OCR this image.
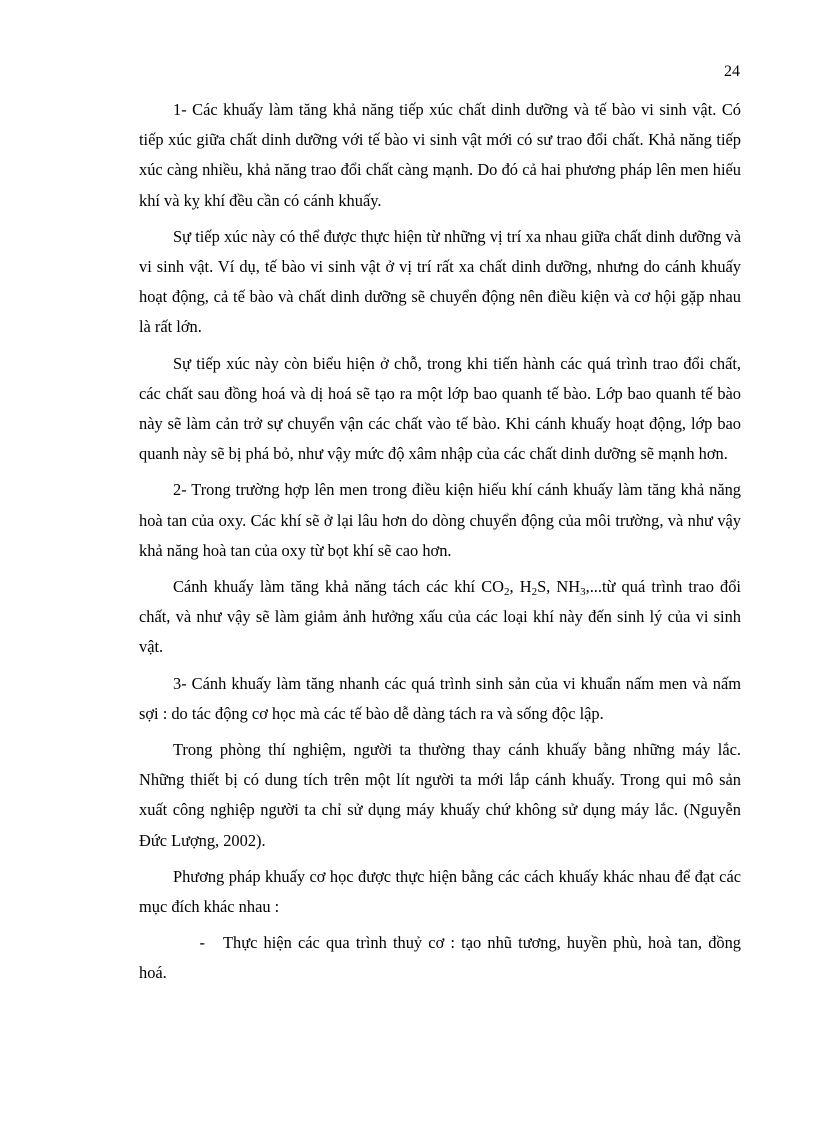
24

1- Các khuấy làm tăng khả năng tiếp xúc chất dinh dưỡng và tế bào vi sinh vật. Có tiếp xúc giữa chất dinh dưỡng với tế bào vi sinh vật mới có sư trao đổi chất. Khả năng tiếp xúc càng nhiều, khả năng trao đổi chất càng mạnh. Do đó cả hai phương pháp lên men hiếu khí và kỵ khí đều cần có cánh khuấy.

Sự tiếp xúc này có thể được thực hiện từ những vị trí xa nhau giữa chất dinh dưỡng và vi sinh vật. Ví dụ, tế bào vi sinh vật ở vị trí rất xa chất dinh dưỡng, nhưng do cánh khuấy hoạt động, cả tế bào và chất dinh dưỡng sẽ chuyển động nên điều kiện và cơ hội gặp nhau là rất lớn.

Sự tiếp xúc này còn biểu hiện ở chỗ, trong khi tiến hành các quá trình trao đổi chất, các chất sau đồng hoá và dị hoá sẽ tạo ra một lớp bao quanh tế bào. Lớp bao quanh tế bào này sẽ làm cản trở sự chuyển vận các chất vào tế bào. Khi cánh khuấy hoạt động, lớp bao quanh này sẽ bị phá bỏ, như vậy mức độ xâm nhập của các chất dinh dưỡng sẽ mạnh hơn.

2- Trong trường hợp lên men trong điều kiện hiếu khí cánh khuấy làm tăng khả năng hoà tan của oxy. Các khí sẽ ở lại lâu hơn do dòng chuyển động của môi trường, và như vậy khả năng hoà tan của oxy từ bọt khí sẽ cao hơn.

Cánh khuấy làm tăng khả năng tách các khí $CO_2$, $H_2S$, $NH_3,...từ$ quá trình trao đổi chất, và như vậy sẽ làm giảm ảnh hưởng xấu của các loại khí này đến sinh lý của vi sinh vật.

3- Cánh khuấy làm tăng nhanh các quá trình sinh sản của vi khuẩn nấm men và nấm sợi : do tác động cơ học mà các tế bào dễ dàng tách ra và sống độc lập.

Trong phòng thí nghiệm, người ta thường thay cánh khuấy bằng những máy lắc. Những thiết bị có dung tích trên một lít người ta mới lắp cánh khuấy. Trong qui mô sản xuất công nghiệp người ta chỉ sử dụng máy khuấy chứ không sử dụng máy lắc. (Nguyễn Đức Lượng, 2002).

Phương pháp khuấy cơ học được thực hiện bằng các cách khuấy khác nhau để đạt các mục đích khác nhau :

- Thực hiện các qua trình thuỷ cơ : tạo nhũ tương, huyền phù, hoà tan, đồng hoá.
